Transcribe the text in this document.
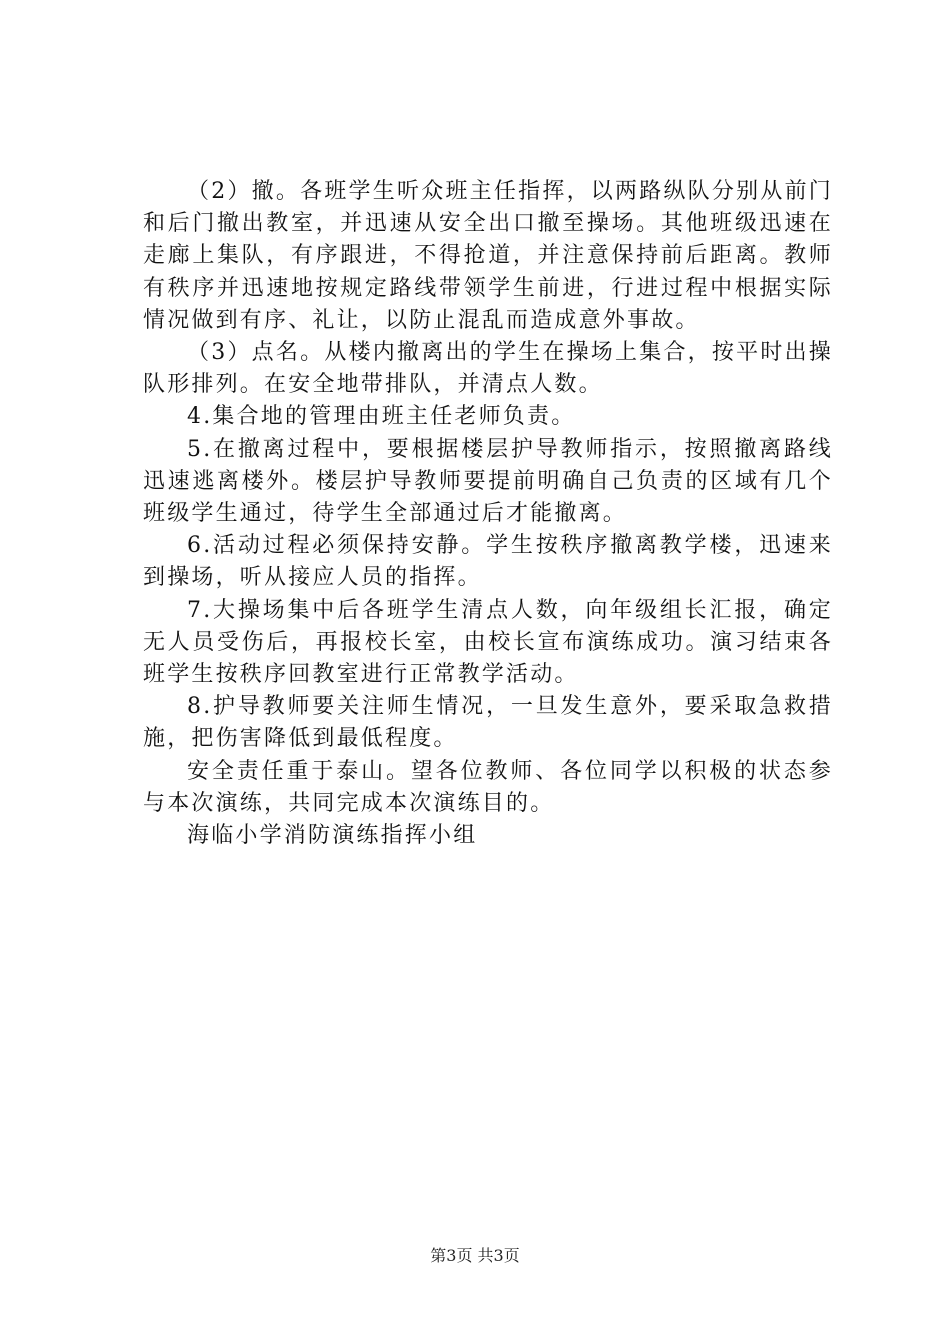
（2）撤。各班学生听众班主任指挥，以两路纵队分别从前门和后门撤出教室，并迅速从安全出口撤至操场。其他班级迅速在走廊上集队，有序跟进，不得抢道，并注意保持前后距离。教师有秩序并迅速地按规定路线带领学生前进，行进过程中根据实际情况做到有序、礼让，以防止混乱而造成意外事故。

（3）点名。从楼内撤离出的学生在操场上集合，按平时出操队形排列。在安全地带排队，并清点人数。

4.集合地的管理由班主任老师负责。

5.在撤离过程中，要根据楼层护导教师指示，按照撤离路线迅速逃离楼外。楼层护导教师要提前明确自己负责的区域有几个班级学生通过，待学生全部通过后才能撤离。

6.活动过程必须保持安静。学生按秩序撤离教学楼，迅速来到操场，听从接应人员的指挥。

7.大操场集中后各班学生清点人数，向年级组长汇报，确定无人员受伤后，再报校长室，由校长宣布演练成功。演习结束各班学生按秩序回教室进行正常教学活动。

8.护导教师要关注师生情况，一旦发生意外，要采取急救措施，把伤害降低到最低程度。

安全责任重于泰山。望各位教师、各位同学以积极的状态参与本次演练，共同完成本次演练目的。

海临小学消防演练指挥小组

第3页 共3页
